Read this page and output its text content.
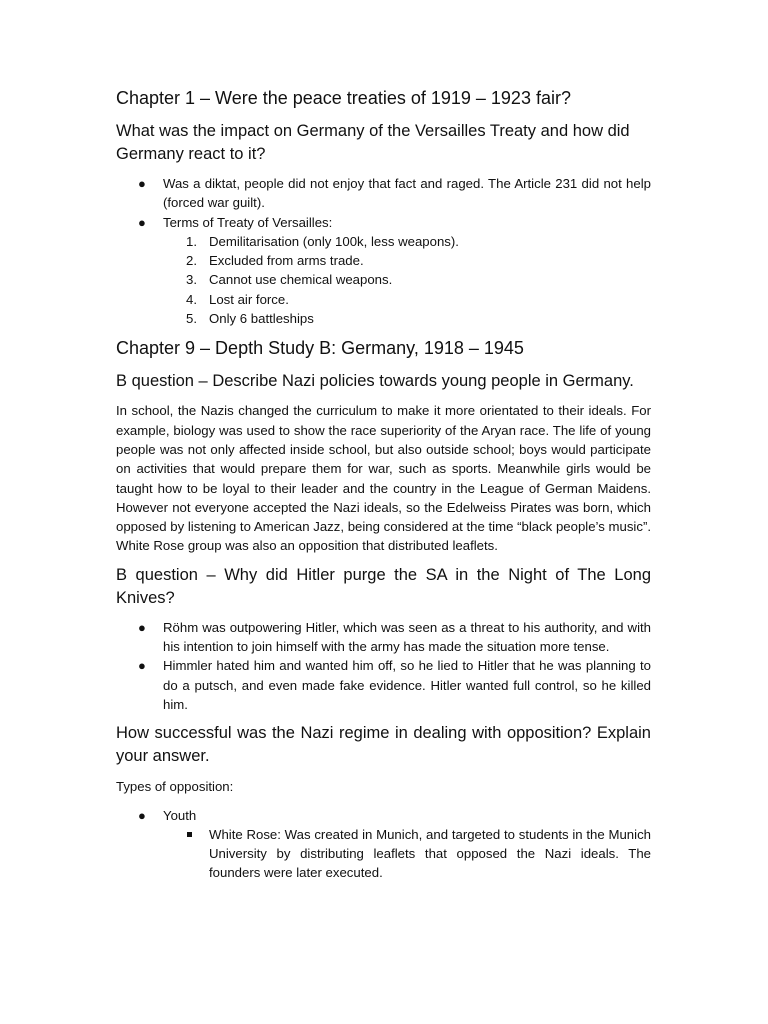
Chapter 1 – Were the peace treaties of 1919 – 1923 fair?
What was the impact on Germany of the Versailles Treaty and how did Germany react to it?
● Was a diktat, people did not enjoy that fact and raged. The Article 231 did not help (forced war guilt).
● Terms of Treaty of Versailles:
1. Demilitarisation (only 100k, less weapons).
2. Excluded from arms trade.
3. Cannot use chemical weapons.
4. Lost air force.
5. Only 6 battleships
Chapter 9 – Depth Study B: Germany, 1918 – 1945
B question – Describe Nazi policies towards young people in Germany.

In school, the Nazis changed the curriculum to make it more orientated to their ideals. For example, biology was used to show the race superiority of the Aryan race. The life of young people was not only affected inside school, but also outside school; boys would participate on activities that would prepare them for war, such as sports. Meanwhile girls would be taught how to be loyal to their leader and the country in the League of German Maidens. However not everyone accepted the Nazi ideals, so the Edelweiss Pirates was born, which opposed by listening to American Jazz, being considered at the time “black people’s music”. White Rose group was also an opposition that distributed leaflets.

B question – Why did Hitler purge the SA in the Night of The Long Knives?
● Röhm was outpowering Hitler, which was seen as a threat to his authority, and with his intention to join himself with the army has made the situation more tense.
● Himmler hated him and wanted him off, so he lied to Hitler that he was planning to do a putsch, and even made fake evidence. Hitler wanted full control, so he killed him.
How successful was the Nazi regime in dealing with opposition? Explain your answer.

Types of opposition:

● Youth
White Rose: Was created in Munich, and targeted to students in the Munich University by distributing leaflets that opposed the Nazi ideals. The founders were later executed.
